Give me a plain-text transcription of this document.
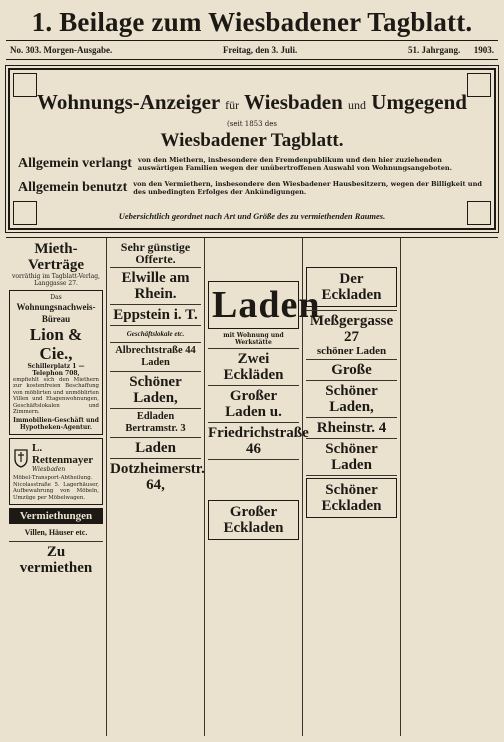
1. Beilage zum Wiesbadener Tagblatt.
No. 303. Morgen-Ausgabe.	Freitag, den 3. Juli.	51. Jahrgang. 1903.
Wohnungs-Anzeiger für Wiesbaden und Umgegend
(seit 1853 des
Wiesbadener Tagblatt.
Allgemein verlangt von den Miethern, insbesondere den Fremdenpublikum und den hier zuziehenden auswärtigen Familien wegen der unübertroffenen Auswahl von Wohnungsangeboten.
Allgemein benutzt von den Vermiethern, insbesondere den Wiesbadener Hausbesitzern, wegen der Billigkeit und des unbedingten Erfolges der Ankündigungen.
Uebersichtlich geordnet nach Art und Größe des zu vermiethenden Raumes.
Mieth-Verträge
vorräthig im Tagblatt-Verlag, Langgasse 27.
Das
Wohnungsnachweis-Büreau
Lion & Cie.,
Schillerplatz 1 — Telephon 708,
empfiehlt sich den Miethern zur kostenfreien Beschaffung von möblirten und unmöblirten Villen und Etagenwohnungen, Geschäftslokalen und Zimmern.
Immobilien-Geschäft und Hypotheken-Agentur.
L. Rettenmayer
Wiesbaden
Möbel-Transport-Abtheilung. Nicolasstraße 5. Lagerhäuser, Aufbewahrung von Möbeln, Umzüge per Möbelwagen.
Vermiethungen
Villen, Häuser etc.
Zu vermiethen
Sehr günstige Offerte.
Elwille am Rhein.
Eppstein i. T.
Geschäftslokale etc.
Albrechtstraße 44 Laden
Schöner Laden,
Edladen Bertramstr. 3
Laden
Dotzheimerstr. 64,
Laden
mit Wohnung und Werkstätte
Zwei Eckläden
Großer Laden u.
Friedrichstraße 46
Großer
Eckladen
Der Eckladen
Meßgergasse 27
schöner Laden
Große
Schöner Laden,
Rheinstr. 4
Schöner Laden
Schöner Eckladen
